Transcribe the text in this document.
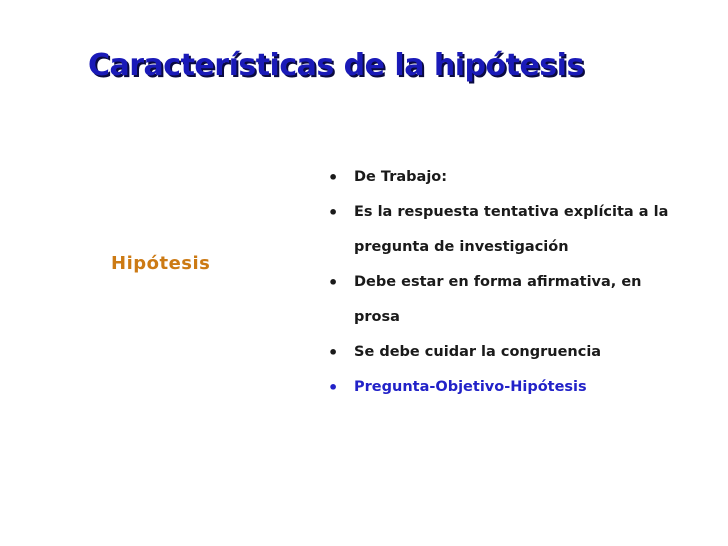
Características de la hipótesis
Hipótesis
• De Trabajo:
• Es la respuesta tentativa explícita a la pregunta de investigación
• Debe estar en forma afirmativa, en prosa
• Se debe cuidar la congruencia
• Pregunta-Objetivo-Hipótesis
